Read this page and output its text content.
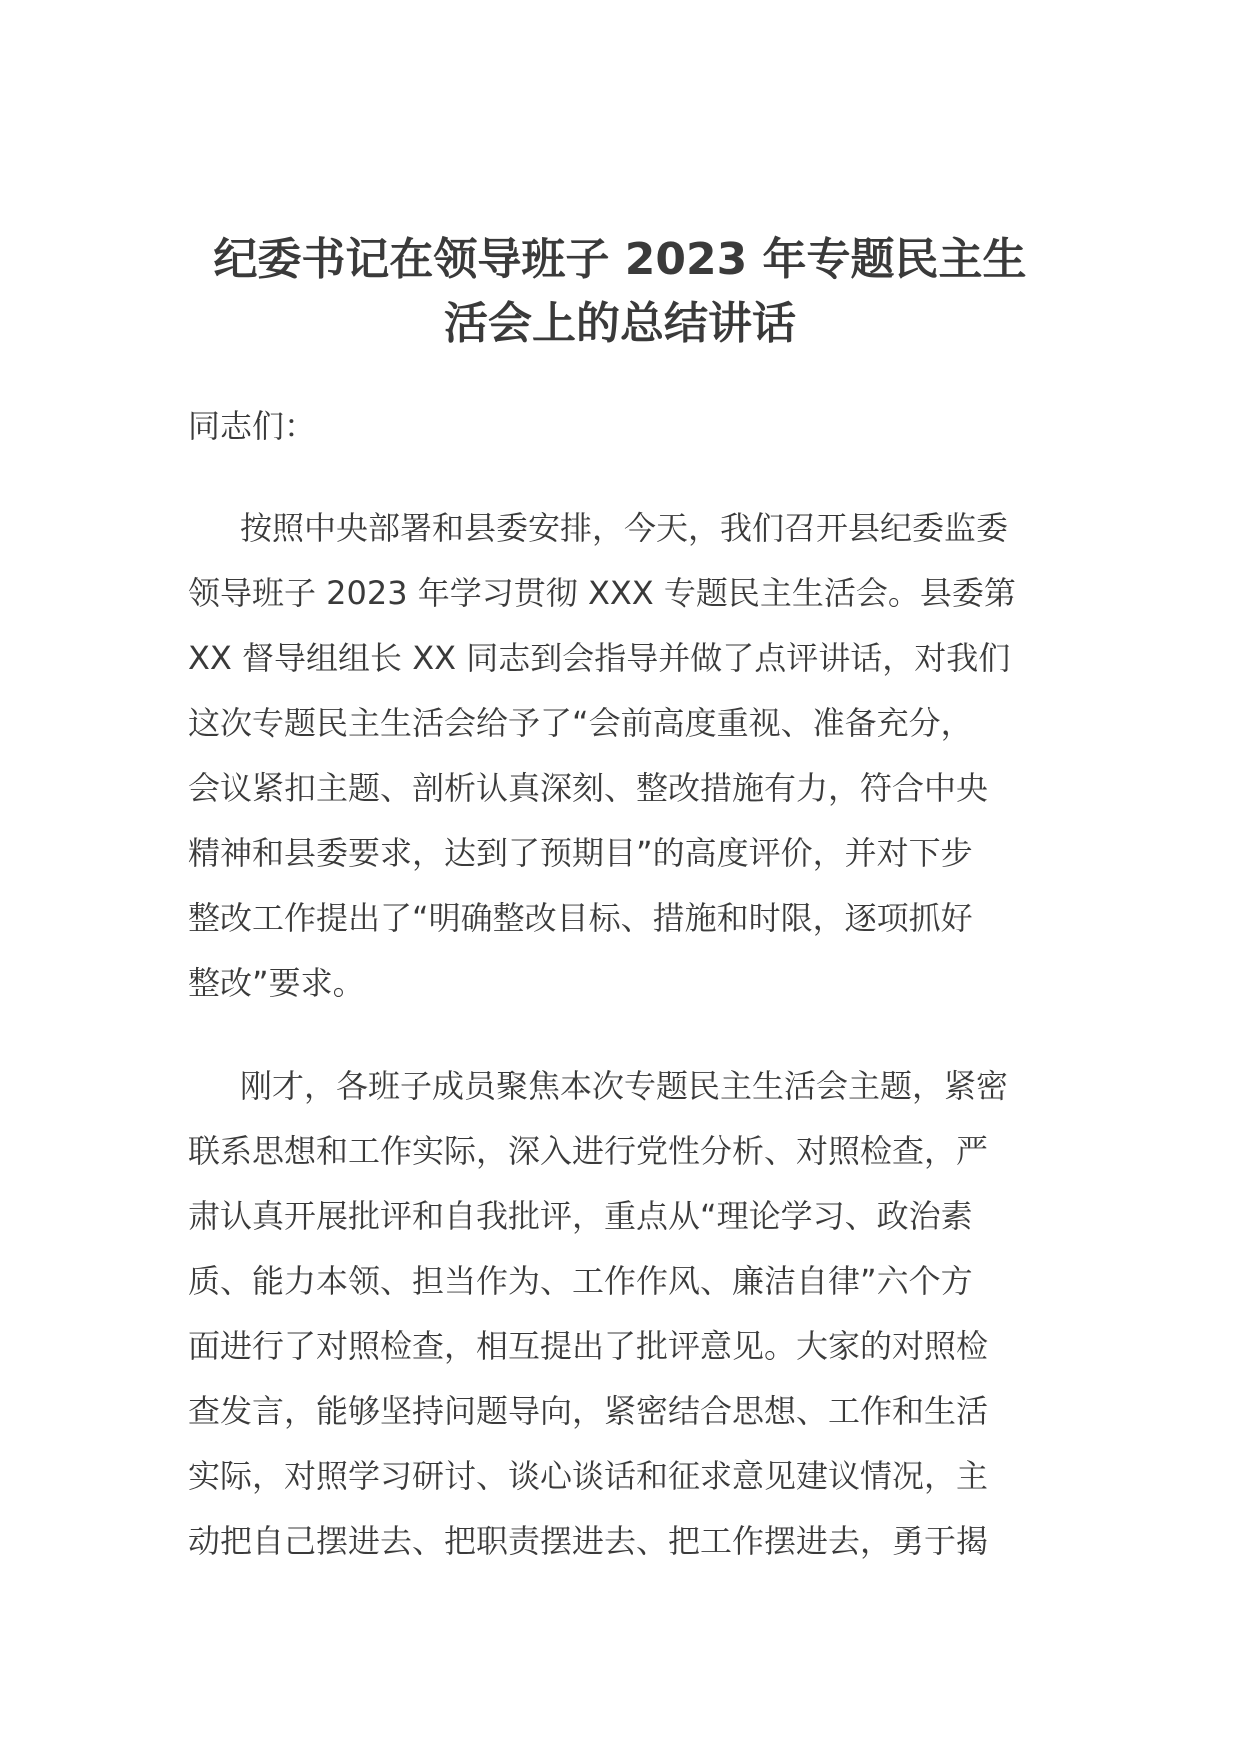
纪委书记在领导班子 2023 年专题民主生
活会上的总结讲话

同志们：

按照中央部署和县委安排，今天，我们召开县纪委监委
领导班子 2023 年学习贯彻 XXX 专题民主生活会。县委第
XX 督导组组长 XX 同志到会指导并做了点评讲话，对我们
这次专题民主生活会给予了“会前高度重视、准备充分，
会议紧扣主题、剖析认真深刻、整改措施有力，符合中央
精神和县委要求，达到了预期目”的高度评价，并对下步
整改工作提出了“明确整改目标、措施和时限，逐项抓好
整改”要求。
刚才，各班子成员聚焦本次专题民主生活会主题，紧密
联系思想和工作实际，深入进行党性分析、对照检查，严
肃认真开展批评和自我批评，重点从“理论学习、政治素
质、能力本领、担当作为、工作作风、廉洁自律”六个方
面进行了对照检查，相互提出了批评意见。大家的对照检
查发言，能够坚持问题导向，紧密结合思想、工作和生活
实际，对照学习研讨、谈心谈话和征求意见建议情况，主
动把自己摆进去、把职责摆进去、把工作摆进去，勇于揭
